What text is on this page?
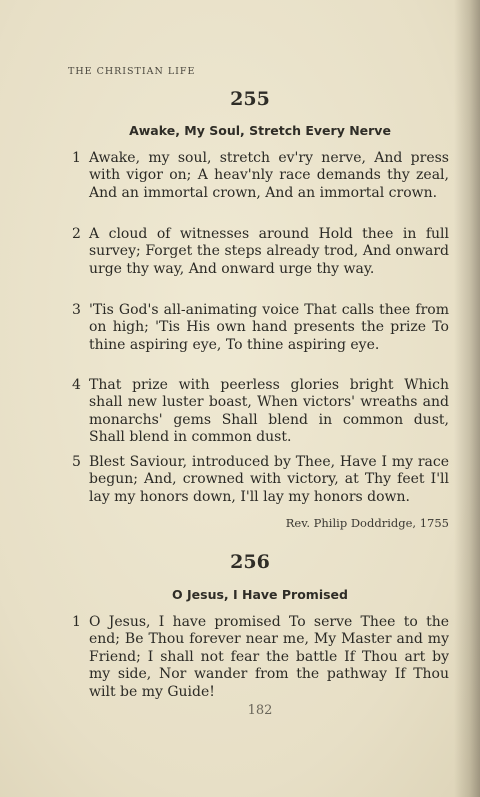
THE CHRISTIAN LIFE
255
Awake, My Soul, Stretch Every Nerve
1 Awake, my soul, stretch ev'ry nerve, And press with vigor on; A heav'nly race demands thy zeal, And an immortal crown, And an immortal crown.
2 A cloud of witnesses around Hold thee in full survey; Forget the steps already trod, And onward urge thy way, And onward urge thy way.
3 'Tis God's all-animating voice That calls thee from on high; 'Tis His own hand presents the prize To thine aspiring eye, To thine aspiring eye.
4 That prize with peerless glories bright Which shall new luster boast, When victors' wreaths and monarchs' gems Shall blend in common dust, Shall blend in common dust.
5 Blest Saviour, introduced by Thee, Have I my race begun; And, crowned with victory, at Thy feet I'll lay my honors down, I'll lay my honors down.
Rev. Philip Doddridge, 1755
256
O Jesus, I Have Promised
1 O Jesus, I have promised To serve Thee to the end; Be Thou forever near me, My Master and my Friend; I shall not fear the battle If Thou art by my side, Nor wander from the pathway If Thou wilt be my Guide!
182
